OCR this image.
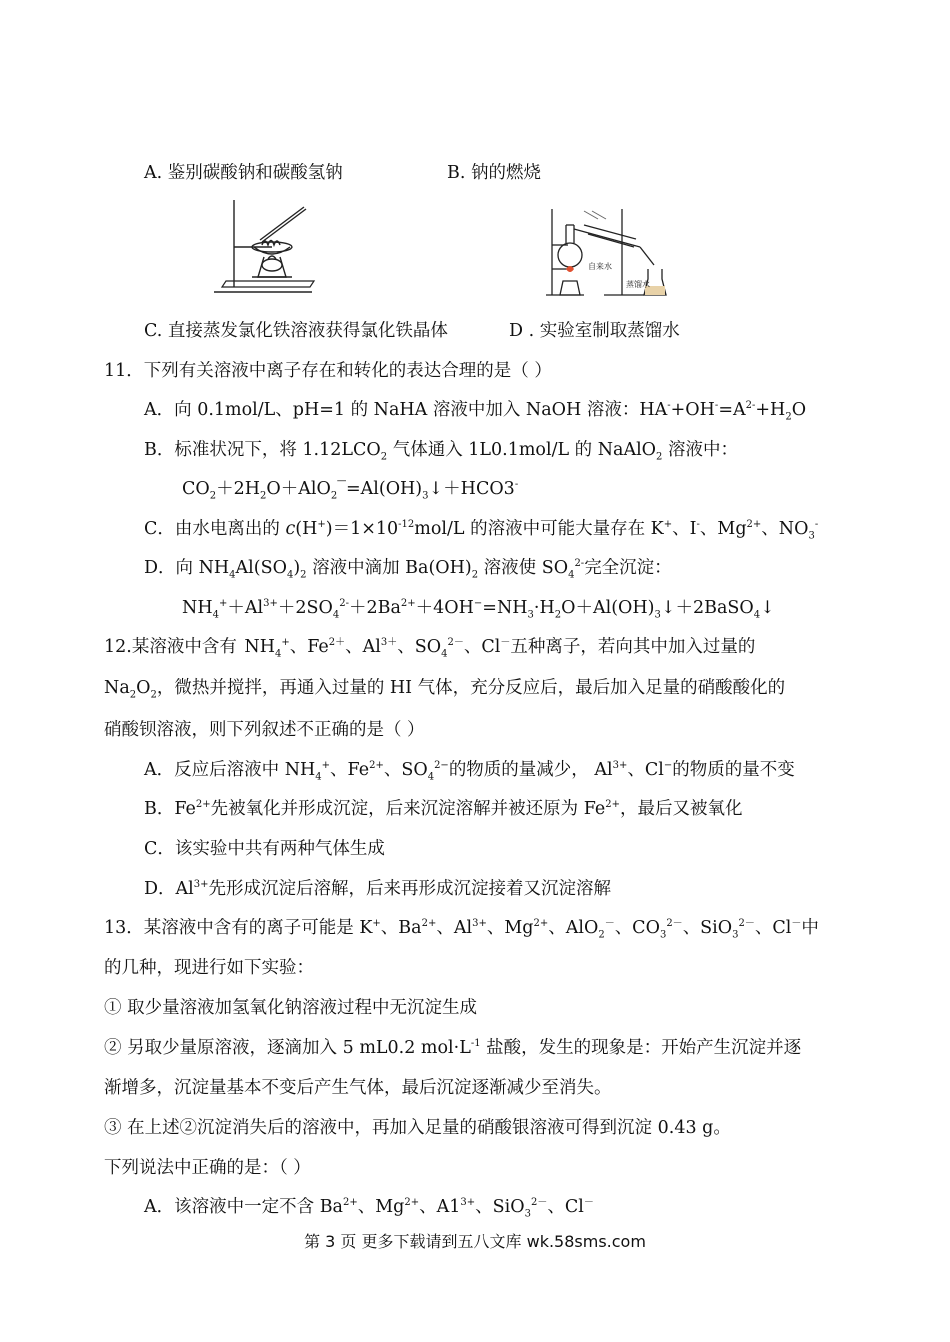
A. 鉴别碳酸钠和碳酸氢钠	B. 钠的燃烧
自来水
蒸馏水
C. 直接蒸发氯化铁溶液获得氯化铁晶体	D . 实验室制取蒸馏水
11．下列有关溶液中离子存在和转化的表达合理的是（ ）
A．向 0.1mol/L、pH=1 的 NaHA 溶液中加入 NaOH 溶液：$HA^-+OH^-=A^{2-}+H_2O$
B．标准状况下，将 $1.12LCO_2$ 气体通入 1L0.1mol/L 的 NaAlO$_2$ 溶液中：
$CO_2+2H_2O+AlO_2‾=Al(OH)_3↓+HCO3^-$
C．由水电离出的 $c(H^+)=1\times 10^{-12}mol/L$ 的溶液中可能大量存在 K+、I-、$Mg^{2+}$、$NO_3^-$
D．向 $NH_4Al(SO_4)_2$ 溶液中滴加 $Ba(OH)_2$ 溶液使 $SO_4^{2-}$完全沉淀：
$NH_4^++Al^{3+}+2SO_4^{2-}+2Ba^{2+}+4OH^-=NH_3\cdot H_2O+Al(OH)_3↓+2BaSO_4↓$
12.某溶液中含有 $NH_4^+$、$Fe^{2+}$、$Al^{3+}$、$SO_4^{2-}$、Cl－五种离子，若向其中加入过量的
$Na_2O_2$，微热并搅拌，再通入过量的 HI 气体，充分反应后，最后加入足量的硝酸酸化的
硝酸钡溶液，则下列叙述不正确的是（ ）
A．反应后溶液中 $NH_4^+$、$Fe^{2+}$、$SO_4^{2-}$的物质的量减少， $Al^{3+}$、Cl−的物质的量不变
B．$Fe^{2+}$先被氧化并形成沉淀，后来沉淀溶解并被还原为 $Fe^{2+}$，最后又被氧化
C．该实验中共有两种气体生成
D．$Al^{3+}$先形成沉淀后溶解，后来再形成沉淀接着又沉淀溶解
13．某溶液中含有的离子可能是 K+、$Ba^{2+}$、$Al^{3+}$、$Mg^{2+}$、AlO$_2$－、$CO_3^{2-}$、SiO$_3^{2-}$、Cl－中
的几种，现进行如下实验：
① 取少量溶液加氢氧化钠溶液过程中无沉淀生成
② 另取少量原溶液，逐滴加入 5 mL0.2 $mol\cdot L^{-1}$ 盐酸，发生的现象是：开始产生沉淀并逐
渐增多，沉淀量基本不变后产生气体，最后沉淀逐渐减少至消失。
③ 在上述②沉淀消失后的溶液中，再加入足量的硝酸银溶液可得到沉淀 0.43 g。
下列说法中正确的是：（ ）
A．该溶液中一定不含 $Ba^{2+}$、$Mg^{2+}$、$A1^{3+}$、SiO$_3^{2-}$、Cl－
第 3 页 更多下载请到五八文库 wk.58sms.com
